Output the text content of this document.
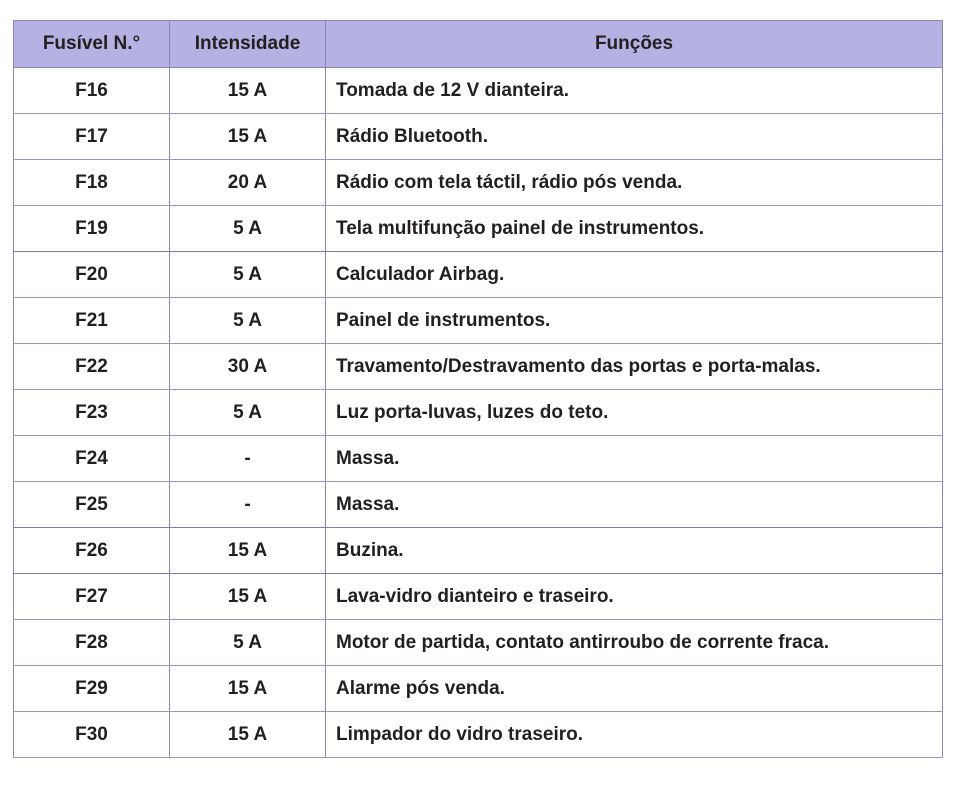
Fusível N.°	Intensidade	Funções
F16	15 A	Tomada de 12 V dianteira.
F17	15 A	Rádio Bluetooth.
F18	20 A	Rádio com tela táctil, rádio pós venda.
F19	5 A	Tela multifunção painel de instrumentos.
F20	5 A	Calculador Airbag.
F21	5 A	Painel de instrumentos.
F22	30 A	Travamento/Destravamento das portas e porta-malas.
F23	5 A	Luz porta-luvas, luzes do teto.
F24	-	Massa.
F25	-	Massa.
F26	15 A	Buzina.
F27	15 A	Lava-vidro dianteiro e traseiro.
F28	5 A	Motor de partida, contato antirroubo de corrente fraca.
F29	15 A	Alarme pós venda.
F30	15 A	Limpador do vidro traseiro.
